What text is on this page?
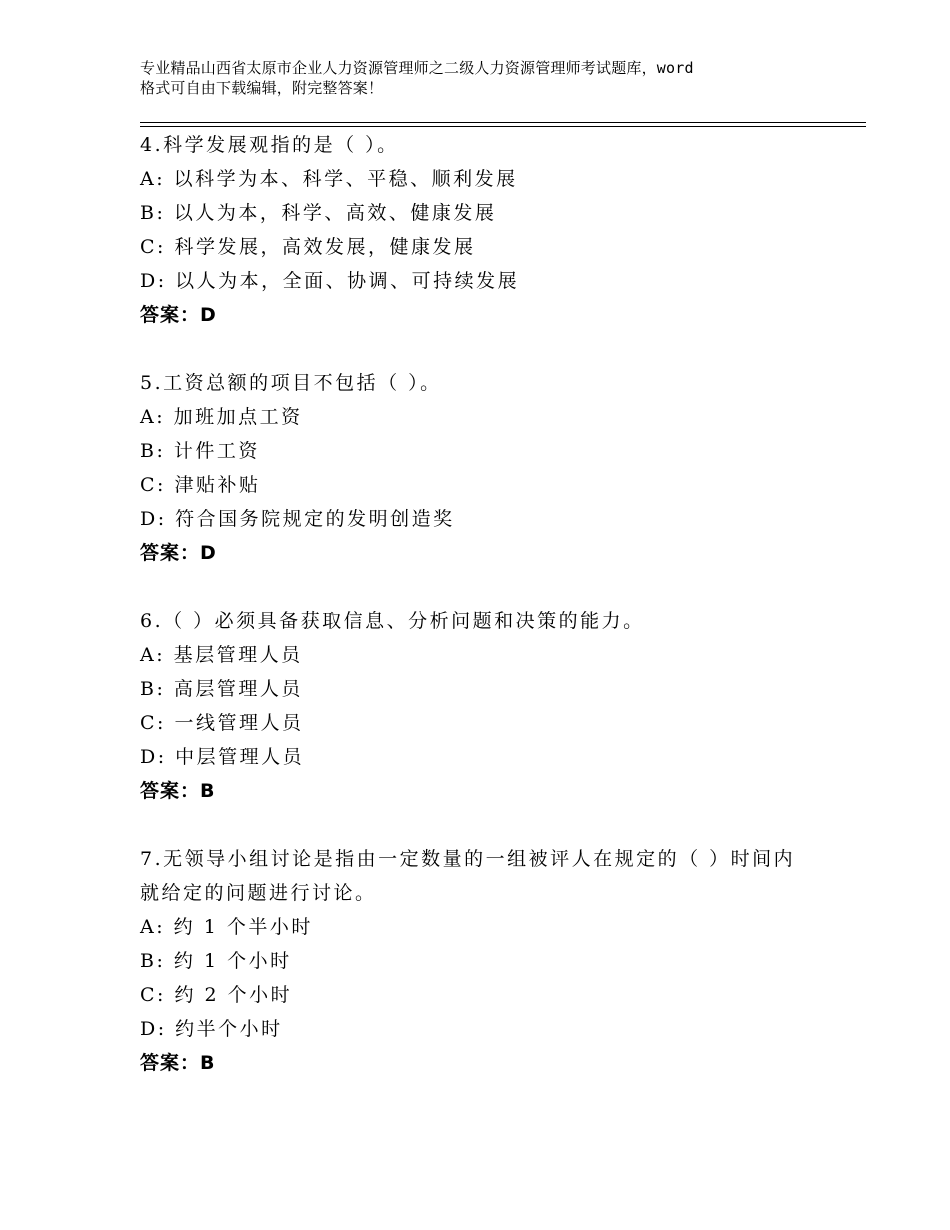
专业精品山西省太原市企业人力资源管理师之二级人力资源管理师考试题库，word
格式可自由下载编辑，附完整答案！
4.科学发展观指的是（ ）。
A: 以科学为本、科学、平稳、顺利发展
B: 以人为本，科学、高效、健康发展
C: 科学发展，高效发展，健康发展
D: 以人为本，全面、协调、可持续发展
答案：D
5.工资总额的项目不包括（ ）。
A: 加班加点工资
B: 计件工资
C: 津贴补贴
D: 符合国务院规定的发明创造奖
答案：D
6.（ ）必须具备获取信息、分析问题和决策的能力。
A: 基层管理人员
B: 高层管理人员
C: 一线管理人员
D: 中层管理人员
答案：B
7.无领导小组讨论是指由一定数量的一组被评人在规定的（ ）时间内
就给定的问题进行讨论。
A: 约 1 个半小时
B: 约 1 个小时
C: 约 2 个小时
D: 约半个小时
答案：B
